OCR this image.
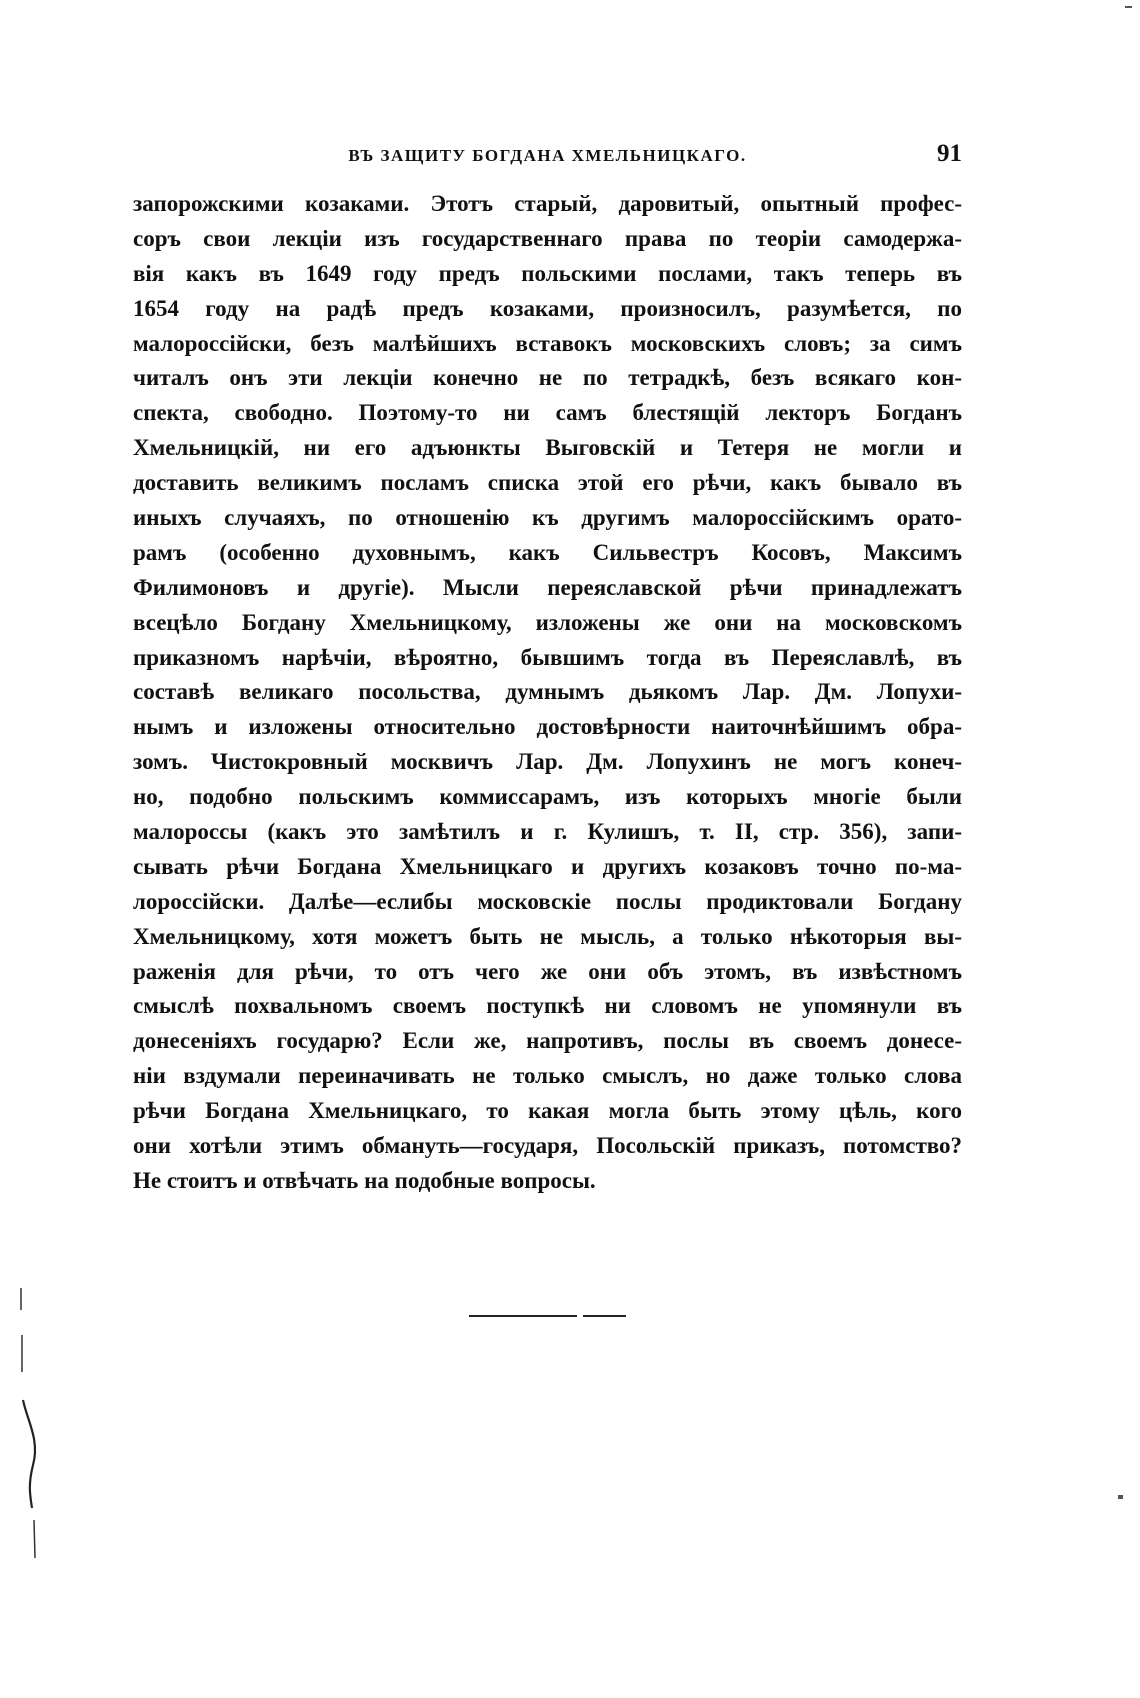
ВЪ ЗАЩИТУ БОГДАНА ХМЕЛЬНИЦКАГО.	91
запорожскими козаками. Этотъ старый, даровитый, опытный профес-
соръ свои лекціи изъ государственнаго права по теоріи самодержа-
вія какъ въ 1649 году предъ польскими послами, такъ теперь въ
1654 году на радѣ предъ козаками, произносилъ, разумѣется, по
малороссійски, безъ малѣйшихъ вставокъ московскихъ словъ; за симъ
читалъ онъ эти лекціи конечно не по тетрадкѣ, безъ всякаго кон-
спекта, свободно. Поэтому-то ни самъ блестящій лекторъ Богданъ
Хмельницкій, ни его адъюнкты Выговскій и Тетеря не могли и
доставить великимъ посламъ списка этой его рѣчи, какъ бывало въ
иныхъ случаяхъ, по отношенію къ другимъ малороссійскимъ орато-
рамъ (особенно духовнымъ, какъ Сильвестръ Косовъ, Максимъ
Филимоновъ и другіе). Мысли переяславской рѣчи принадлежатъ
всецѣло Богдану Хмельницкому, изложены же они на московскомъ
приказномъ нарѣчіи, вѣроятно, бывшимъ тогда въ Переяславлѣ, въ
составѣ великаго посольства, думнымъ дьякомъ Лар. Дм. Лопухи-
нымъ и изложены относительно достовѣрности наиточнѣйшимъ обра-
зомъ. Чистокровный москвичъ Лар. Дм. Лопухинъ не могъ конеч-
но, подобно польскимъ коммиссарамъ, изъ которыхъ многіе были
малороссы (какъ это замѣтилъ и г. Кулишъ, т. II, стр. 356), запи-
сывать рѣчи Богдана Хмельницкаго и другихъ козаковъ точно по-ма-
лороссійски. Далѣе—еслибы московскіе послы продиктовали Богдану
Хмельницкому, хотя можетъ быть не мысль, а только нѣкоторыя вы-
раженія для рѣчи, то отъ чего же они объ этомъ, въ извѣстномъ
смыслѣ похвальномъ своемъ поступкѣ ни словомъ не упомянули въ
донесеніяхъ государю? Если же, напротивъ, послы въ своемъ донесе-
ніи вздумали переиначивать не только смыслъ, но даже только слова
рѣчи Богдана Хмельницкаго, то какая могла быть этому цѣль, кого
они хотѣли этимъ обмануть—государя, Посольскій приказъ, потомство?
Не стоитъ и отвѣчать на подобные вопросы.
